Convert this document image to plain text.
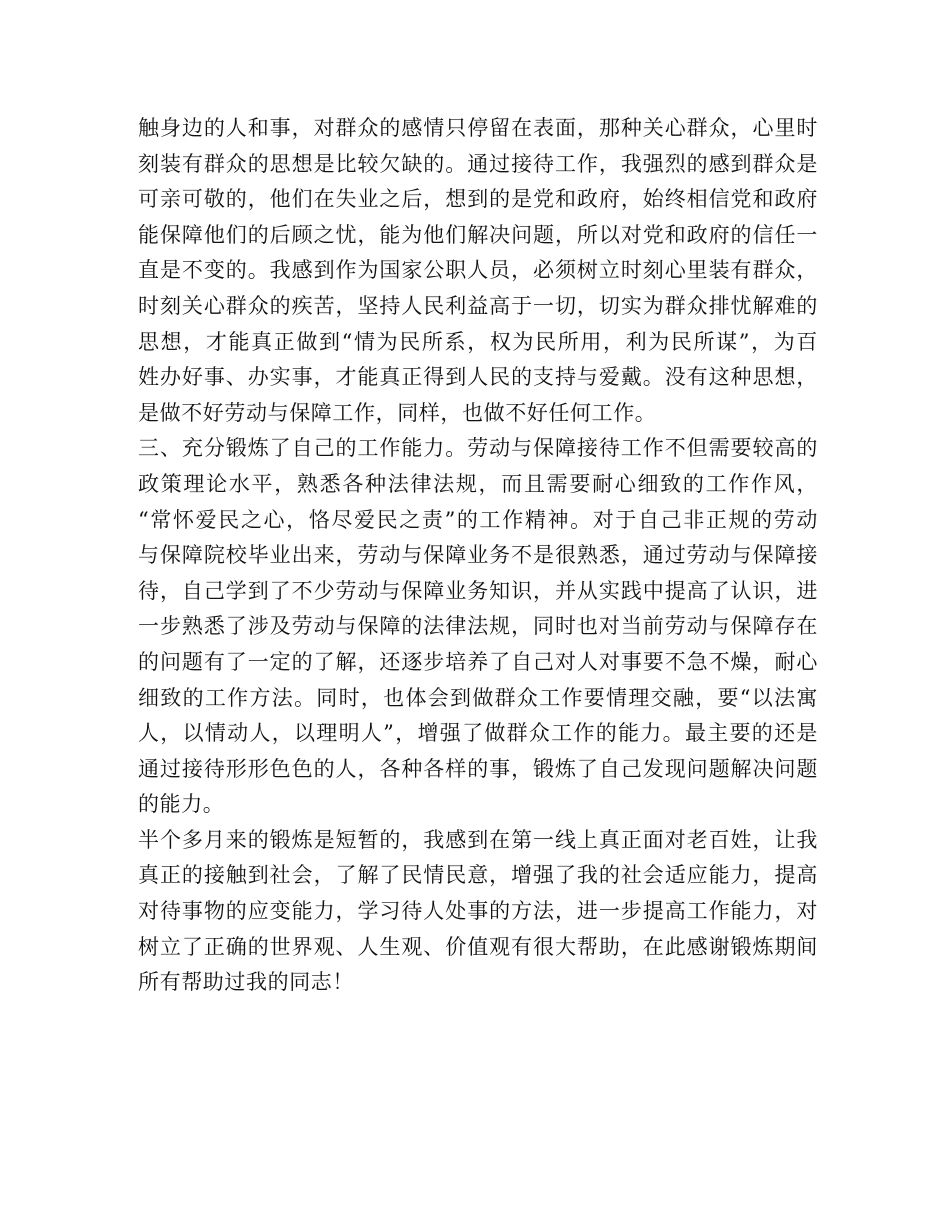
触身边的人和事，对群众的感情只停留在表面，那种关心群众，心里时
刻装有群众的思想是比较欠缺的。通过接待工作，我强烈的感到群众是
可亲可敬的，他们在失业之后，想到的是党和政府，始终相信党和政府
能保障他们的后顾之忧，能为他们解决问题，所以对党和政府的信任一
直是不变的。我感到作为国家公职人员，必须树立时刻心里装有群众，
时刻关心群众的疾苦，坚持人民利益高于一切，切实为群众排忧解难的
思想，才能真正做到“情为民所系，权为民所用，利为民所谋”，为百
姓办好事、办实事，才能真正得到人民的支持与爱戴。没有这种思想，
是做不好劳动与保障工作，同样，也做不好任何工作。
三、充分锻炼了自己的工作能力。劳动与保障接待工作不但需要较高的
政策理论水平，熟悉各种法律法规，而且需要耐心细致的工作作风，
“常怀爱民之心，恪尽爱民之责”的工作精神。对于自己非正规的劳动
与保障院校毕业出来，劳动与保障业务不是很熟悉，通过劳动与保障接
待，自己学到了不少劳动与保障业务知识，并从实践中提高了认识，进
一步熟悉了涉及劳动与保障的法律法规，同时也对当前劳动与保障存在
的问题有了一定的了解，还逐步培养了自己对人对事要不急不燥，耐心
细致的工作方法。同时，也体会到做群众工作要情理交融，要“以法寓
人，以情动人，以理明人”，增强了做群众工作的能力。最主要的还是
通过接待形形色色的人，各种各样的事，锻炼了自己发现问题解决问题
的能力。
半个多月来的锻炼是短暂的，我感到在第一线上真正面对老百姓，让我
真正的接触到社会，了解了民情民意，增强了我的社会适应能力，提高
对待事物的应变能力，学习待人处事的方法，进一步提高工作能力，对
树立了正确的世界观、人生观、价值观有很大帮助，在此感谢锻炼期间
所有帮助过我的同志！
